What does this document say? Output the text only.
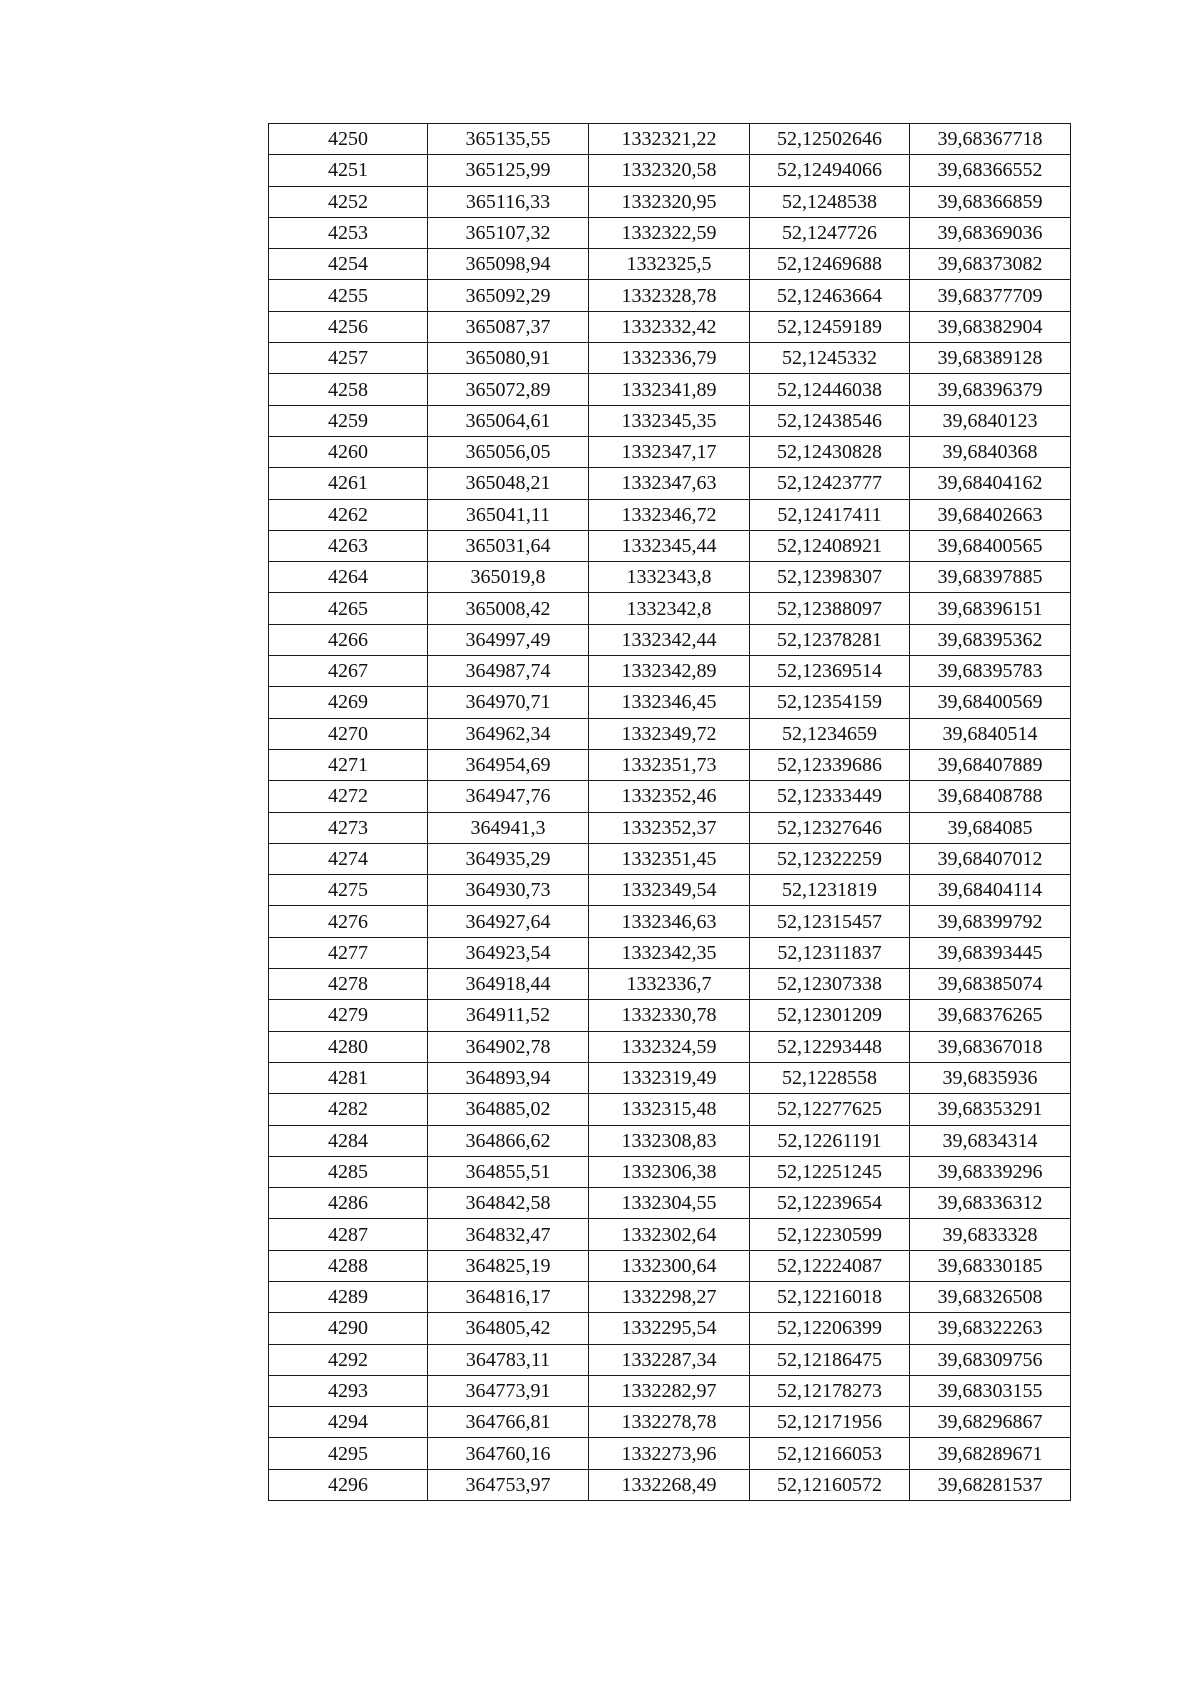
4250	365135,55	1332321,22	52,12502646	39,68367718
4251	365125,99	1332320,58	52,12494066	39,68366552
4252	365116,33	1332320,95	52,1248538	39,68366859
4253	365107,32	1332322,59	52,1247726	39,68369036
4254	365098,94	1332325,5	52,12469688	39,68373082
4255	365092,29	1332328,78	52,12463664	39,68377709
4256	365087,37	1332332,42	52,12459189	39,68382904
4257	365080,91	1332336,79	52,1245332	39,68389128
4258	365072,89	1332341,89	52,12446038	39,68396379
4259	365064,61	1332345,35	52,12438546	39,6840123
4260	365056,05	1332347,17	52,12430828	39,6840368
4261	365048,21	1332347,63	52,12423777	39,68404162
4262	365041,11	1332346,72	52,12417411	39,68402663
4263	365031,64	1332345,44	52,12408921	39,68400565
4264	365019,8	1332343,8	52,12398307	39,68397885
4265	365008,42	1332342,8	52,12388097	39,68396151
4266	364997,49	1332342,44	52,12378281	39,68395362
4267	364987,74	1332342,89	52,12369514	39,68395783
4269	364970,71	1332346,45	52,12354159	39,68400569
4270	364962,34	1332349,72	52,1234659	39,6840514
4271	364954,69	1332351,73	52,12339686	39,68407889
4272	364947,76	1332352,46	52,12333449	39,68408788
4273	364941,3	1332352,37	52,12327646	39,684085
4274	364935,29	1332351,45	52,12322259	39,68407012
4275	364930,73	1332349,54	52,1231819	39,68404114
4276	364927,64	1332346,63	52,12315457	39,68399792
4277	364923,54	1332342,35	52,12311837	39,68393445
4278	364918,44	1332336,7	52,12307338	39,68385074
4279	364911,52	1332330,78	52,12301209	39,68376265
4280	364902,78	1332324,59	52,12293448	39,68367018
4281	364893,94	1332319,49	52,1228558	39,6835936
4282	364885,02	1332315,48	52,12277625	39,68353291
4284	364866,62	1332308,83	52,12261191	39,6834314
4285	364855,51	1332306,38	52,12251245	39,68339296
4286	364842,58	1332304,55	52,12239654	39,68336312
4287	364832,47	1332302,64	52,12230599	39,6833328
4288	364825,19	1332300,64	52,12224087	39,68330185
4289	364816,17	1332298,27	52,12216018	39,68326508
4290	364805,42	1332295,54	52,12206399	39,68322263
4292	364783,11	1332287,34	52,12186475	39,68309756
4293	364773,91	1332282,97	52,12178273	39,68303155
4294	364766,81	1332278,78	52,12171956	39,68296867
4295	364760,16	1332273,96	52,12166053	39,68289671
4296	364753,97	1332268,49	52,12160572	39,68281537
